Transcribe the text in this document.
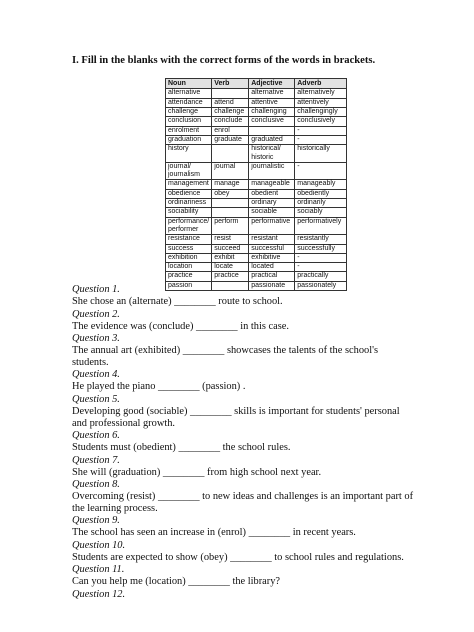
I. Fill in the blanks with the correct forms of the words in brackets.
Noun	Verb	Adjective	Adverb
alternative		alternative	alternatively
attendance	attend	attentive	attentively
challenge	challenge	challenging	challengingly
conclusion	conclude	conclusive	conclusively
enrolment	enrol		-
graduation	graduate	graduated	-
history		historical/ historic	historically
journal/ journalism	journal	journalistic	-
management	manage	manageable	manageably
obedience	obey	obedient	obediently
ordinariness		ordinary	ordinarily
sociability		sociable	sociably
performance/ performer	perform	performative	performatively
resistance	resist	resistant	resistantly
success	succeed	successful	successfully
exhibition	exhibit	exhibitive	-
location	locate	located	-
practice	practice	practical	practically
passion		passionate	passionately
Question 1.
She chose an (alternate) ________ route to school.
Question 2.
The evidence was (conclude) ________ in this case.
Question 3.
The annual art (exhibited) ________ showcases the talents of the school's students.
Question 4.
He played the piano ________ (passion) .
Question 5.
Developing good (sociable) ________ skills is important for students' personal and professional growth.
Question 6.
Students must (obedient) ________ the school rules.
Question 7.
She will (graduation) ________ from high school next year.
Question 8.
Overcoming (resist) ________ to new ideas and challenges is an important part of the learning process.
Question 9.
The school has seen an increase in (enrol) ________ in recent years.
Question 10.
Students are expected to show (obey) ________ to school rules and regulations.
Question 11.
Can you help me (location) ________ the library?
Question 12.
